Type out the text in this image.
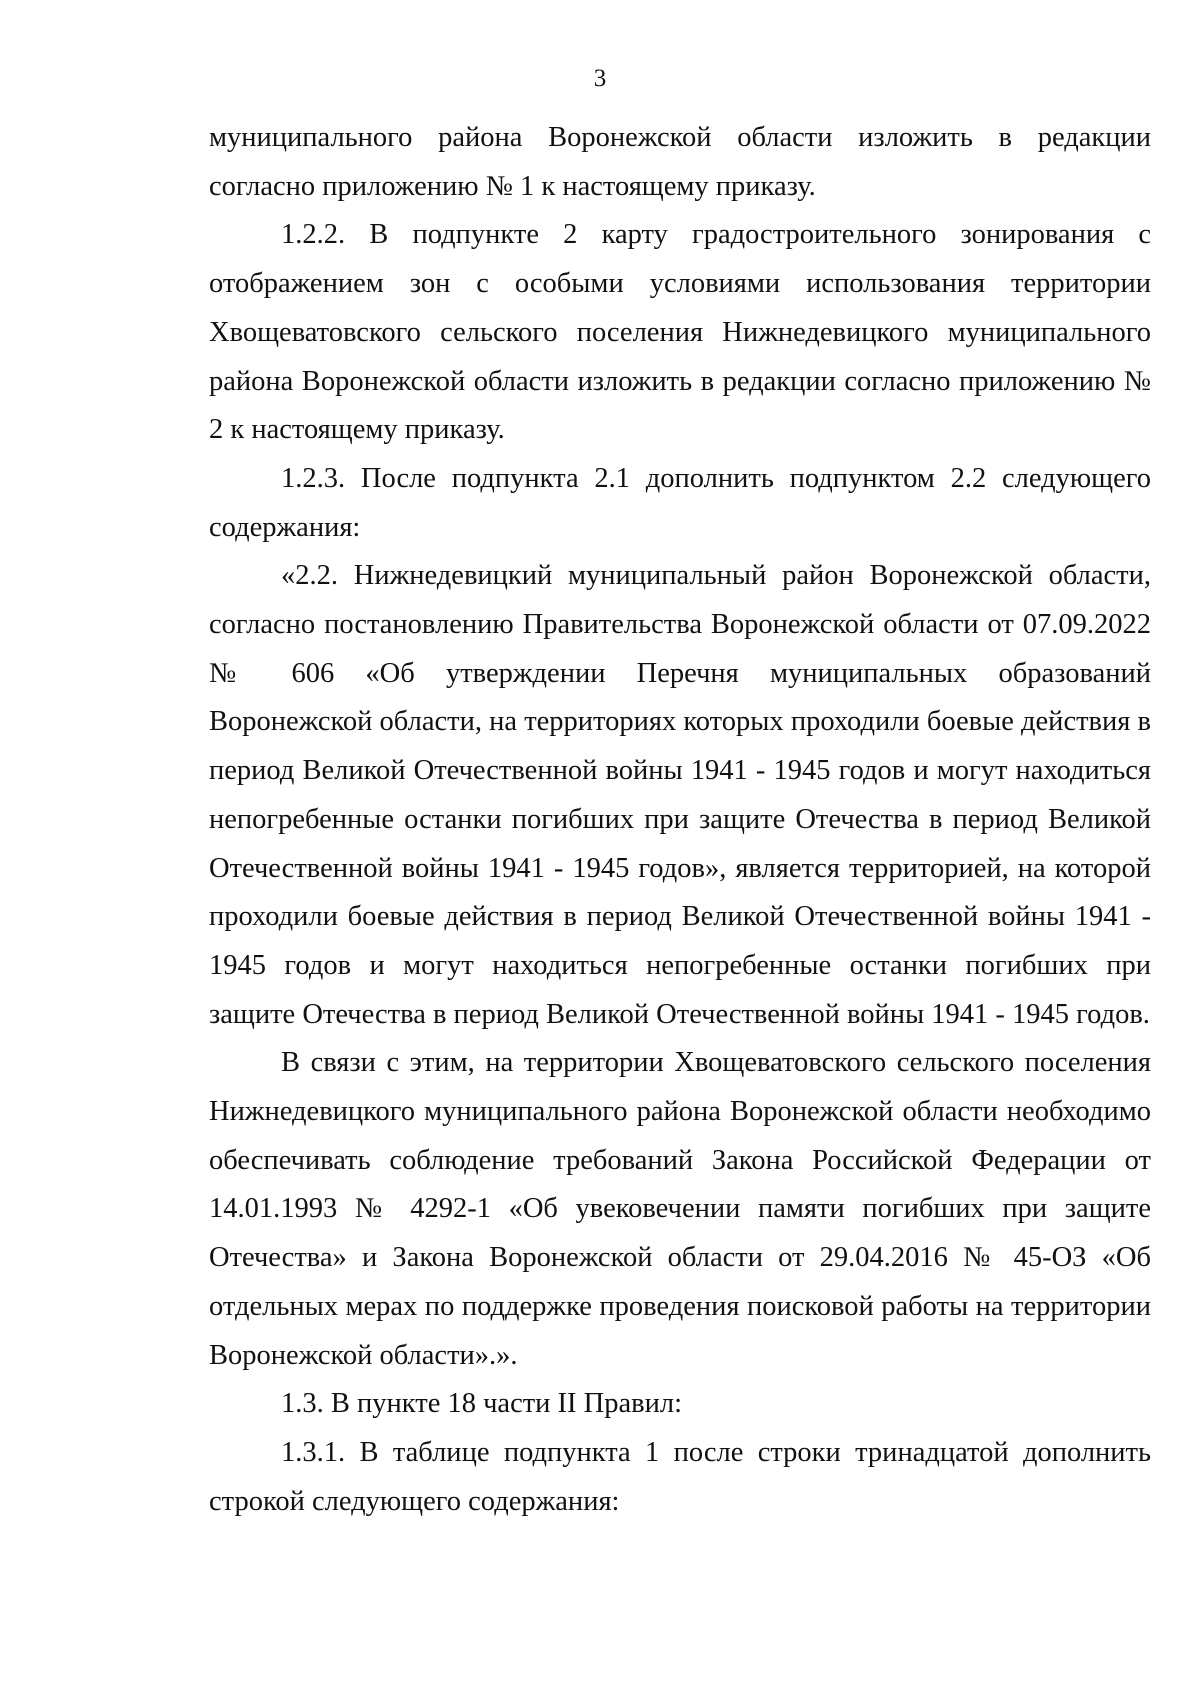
3

муниципального района Воронежской области изложить в редакции согласно приложению № 1 к настоящему приказу.

1.2.2. В подпункте 2 карту градостроительного зонирования с отображением зон с особыми условиями использования территории Хвощеватовского сельского поселения Нижнедевицкого муниципального района Воронежской области изложить в редакции согласно приложению № 2 к настоящему приказу.

1.2.3. После подпункта 2.1 дополнить подпунктом 2.2 следующего содержания:

«2.2. Нижнедевицкий муниципальный район Воронежской области, согласно постановлению Правительства Воронежской области от 07.09.2022 № 606 «Об утверждении Перечня муниципальных образований Воронежской области, на территориях которых проходили боевые действия в период Великой Отечественной войны 1941 - 1945 годов и могут находиться непогребенные останки погибших при защите Отечества в период Великой Отечественной войны 1941 - 1945 годов», является территорией, на которой проходили боевые действия в период Великой Отечественной войны 1941 - 1945 годов и могут находиться непогребенные останки погибших при защите Отечества в период Великой Отечественной войны 1941 - 1945 годов.

В связи с этим, на территории Хвощеватовского сельского поселения Нижнедевицкого муниципального района Воронежской области необходимо обеспечивать соблюдение требований Закона Российской Федерации от 14.01.1993 № 4292-1 «Об увековечении памяти погибших при защите Отечества» и Закона Воронежской области от 29.04.2016 № 45-ОЗ «Об отдельных мерах по поддержке проведения поисковой работы на территории Воронежской области».».

1.3. В пункте 18 части II Правил:

1.3.1. В таблице подпункта 1 после строки тринадцатой дополнить строкой следующего содержания:
